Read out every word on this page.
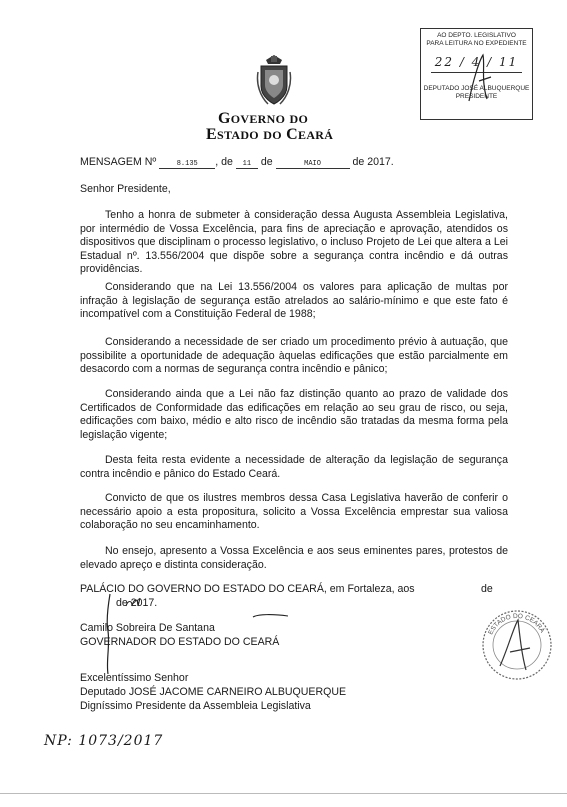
AO DEPTO. LEGISLATIVO
PARA LEITURA NO EXPEDIENTE
22 / 4 / 11
DEPUTADO JOSÉ ALBUQUERQUE
PRESIDENTE
GOVERNO DO
ESTADO DO CEARÁ
MENSAGEM Nº	8.135 , de 11 de	MAIO	de 2017.
Senhor Presidente,
Tenho a honra de submeter à consideração dessa Augusta Assembleia Legislativa, por intermédio de Vossa Excelência, para fins de apreciação e aprovação, atendidos os dispositivos que disciplinam o processo legislativo, o incluso Projeto de Lei que altera a Lei Estadual nº. 13.556/2004 que dispõe sobre a segurança contra incêndio e dá outras providências.
Considerando que na Lei 13.556/2004 os valores para aplicação de multas por infração à legislação de segurança estão atrelados ao salário-mínimo e que este fato é incompatível com a Constituição Federal de 1988;
Considerando a necessidade de ser criado um procedimento prévio à autuação, que possibilite a oportunidade de adequação àquelas edificações que estão parcialmente em desacordo com a normas de segurança contra incêndio e pânico;
Considerando ainda que a Lei não faz distinção quanto ao prazo de validade dos Certificados de Conformidade das edificações em relação ao seu grau de risco, ou seja, edificações com baixo, médio e alto risco de incêndio são tratadas da mesma forma pela legislação vigente;
Desta feita resta evidente a necessidade de alteração da legislação de segurança contra incêndio e pânico do Estado Ceará.
Convicto de que os ilustres membros dessa Casa Legislativa haverão de conferir o necessário apoio a esta propositura, solicito a Vossa Excelência emprestar sua valiosa colaboração no seu encaminhamento.
No ensejo, apresento a Vossa Excelência e aos seus eminentes pares, protestos de elevado apreço e distinta consideração.
PALÁCIO DO GOVERNO DO ESTADO DO CEARÁ, em Fortaleza, aos	de
de 2017.
Camilo Sobreira De Santana
GOVERNADOR DO ESTADO DO CEARÁ
ESTADO DO CEARÁ
Excelentíssimo Senhor
Deputado JOSÉ JACOME CARNEIRO ALBUQUERQUE
Digníssimo Presidente da Assembleia Legislativa
NP: 1073/2017
